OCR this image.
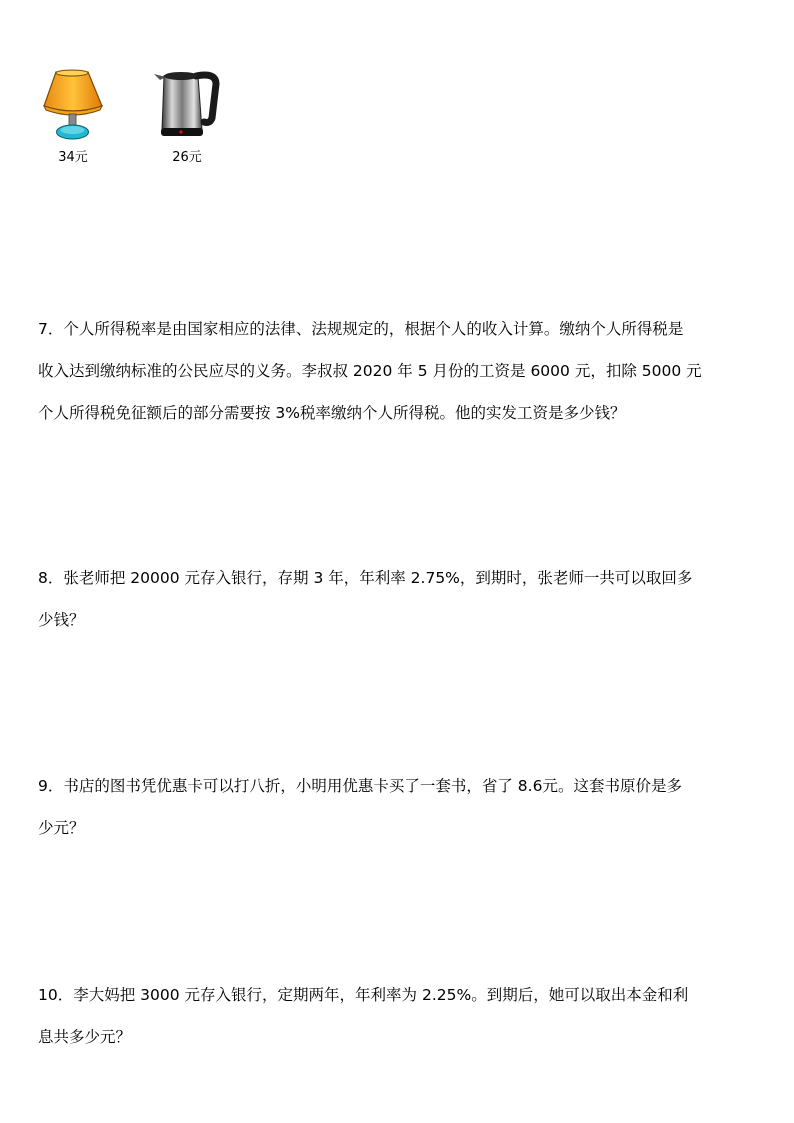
34元	26元
7．个人所得税率是由国家相应的法律、法规规定的，根据个人的收入计算。缴纳个人所得税是
收入达到缴纳标准的公民应尽的义务。李叔叔 2020 年 5 月份的工资是 6000 元，扣除 5000 元
个人所得税免征额后的部分需要按 3%税率缴纳个人所得税。他的实发工资是多少钱？
8．张老师把 20000 元存入银行，存期 3 年，年利率 2.75%，到期时，张老师一共可以取回多
少钱？
9．书店的图书凭优惠卡可以打八折，小明用优惠卡买了一套书，省了 8.6元。这套书原价是多
少元？
10．李大妈把 3000 元存入银行，定期两年，年利率为 2.25%。到期后，她可以取出本金和利
息共多少元？
